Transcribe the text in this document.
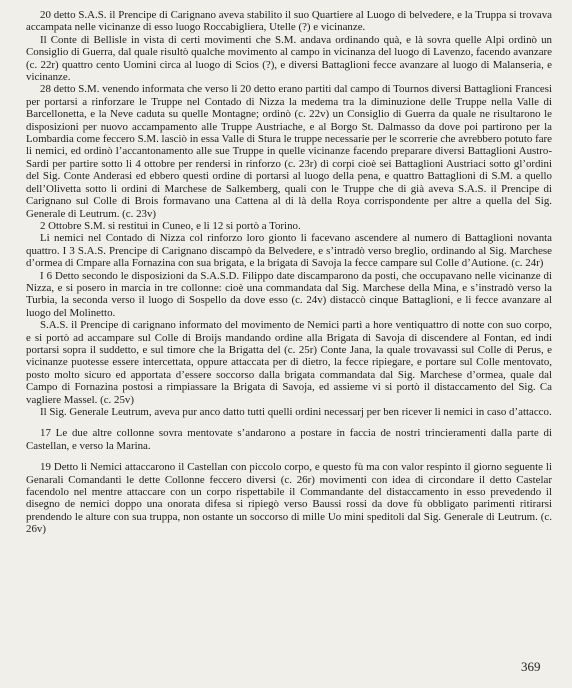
20 detto S.A.S. il Prencipe di Carignano aveva stabilito il suo Quartiere al Luogo di belvedere, e la Truppa si trovava accampata nelle vicinanze di esso luogo Roccabigliera, Utelle (?) e vicinanze.

Il Conte di Bellisle in vista di certi movimenti che S.M. andava ordinando quà, e là sovra quelle Alpi ordinò un Consiglio di Guerra, dal quale risultò qualche movimento al campo in vicinanza del luogo di Lavenzo, facendo avanzare (c. 22r) quattro cento Uomini circa al luogo di Scios (?), e diversi Battaglioni fecce avanzare al luogo di Malanseria, e vicinanze.

28 detto S.M. venendo informata che verso li 20 detto erano partiti dal campo di Tournos diversi Battaglioni Francesi per portarsi a rinforzare le Truppe nel Contado di Nizza la medema tra la diminuzione delle Truppe nella Valle di Barcellonetta, e la Neve caduta su quelle Montagne; ordinò (c. 22v) un Consiglio di Guerra da quale ne risultarono le disposizioni per nuovo accampamento alle Truppe Austriache, e al Borgo St. Dalmasso da dove poi partirono per la Lombardia come feccero S.M. lasciò in essa Valle di Stura le truppe necessarie per le scorrerie che avrebbero potuto fare li nemici, ed ordinò l’accantonamento alle sue Truppe in quelle vicinanze facendo preparare diversi Battaglioni Austro-Sardi per partire sotto li 4 ottobre per rendersi in rinforzo (c. 23r) di corpi cioè sei Battaglioni Austriaci sotto gl’ordini del Sig. Conte Anderasi ed ebbero questi ordine di portarsi al luogo della pena, e quattro Battaglioni di S.M. a quello dell’Olivetta sotto li ordini di Marchese de Salkemberg, quali con le Truppe che di già aveva S.A.S. il Prencipe di Carignano sul Colle di Brois formavano una Cattena al di là della Roya corrispondente per altre a quella del Sig. Generale di Leutrum. (c. 23v)

2 Ottobre S.M. si restituì in Cuneo, e li 12 si portò a Torino.

Li nemici nel Contado di Nizza col rinforzo loro gionto li facevano ascendere al numero di Battaglioni novanta quattro. I 3 S.A.S. Prencipe di Carignano discampò da Belvedere, e s’intradò verso breglio, ordinando al Sig. Marchese d’ormea di Cmpare alla Fornazina con sua brigata, e la brigata di Savoja la fecce campare sul Colle d’Autione. (c. 24r)

I 6 Detto secondo le disposizioni da S.A.S.D. Filippo date discamparono da posti, che occupavano nelle vicinanze di Nizza, e si posero in marcia in tre collonne: cioè una commandata dal Sig. Marchese della Mina, e s’instradò verso la Turbia, la seconda verso il luogo di Sospello da dove esso (c. 24v) distaccò cinque Battaglioni, e li fecce avanzare al luogo del Molinetto.

S.A.S. il Prencipe di carignano informato del movimento de Nemici partì a hore ventiquattro di notte con suo corpo, e si portò ad accampare sul Colle di Broijs mandando ordine alla Brigata di Savoja di discendere al Fontan, ed indi portarsi sopra il suddetto, e sul timore che la Brigatta del (c. 25r) Conte Jana, la quale trovavassi sul Colle di Perus, e vicinanze puotesse essere intercettata, oppure attaccata per di dietro, la fecce ripiegare, e portare sul Colle mentovato, posto molto sicuro ed apportata d’essere soccorso dalla brigata commandata dal Sig. Marchese d’ormea, quale dal Campo di Fornazina postosi a rimpiassare la Brigata di Savoja, ed assieme vi si portò il distaccamento del Sig. Ca vagliere Massel. (c. 25v)

Il Sig. Generale Leutrum, aveva pur anco datto tutti quelli ordini necessarj per ben ricever li nemici in caso d’attacco.

17 Le due altre collonne sovra mentovate s’andarono a postare in faccia de nostri trincieramenti dalla parte di Castellan, e verso la Marina.

19 Detto li Nemici attaccarono il Castellan con piccolo corpo, e questo fù ma con valor respinto il giorno seguente li Genarali Comandanti le dette Collonne feccero diversi (c. 26r) movimenti con idea di circondare il detto Castelar facendolo nel mentre attaccare con un corpo rispettabile il Commandante del distaccamento in esso prevedendo il disegno de nemici doppo una onorata difesa si ripiegò verso Baussi rossi da dove fù obbligato parimenti ritirarsi prendendo le alture con sua truppa, non ostante un soccorso di mille Uo mini speditoli dal Sig. Generale di Leutrum. (c. 26v)

369
